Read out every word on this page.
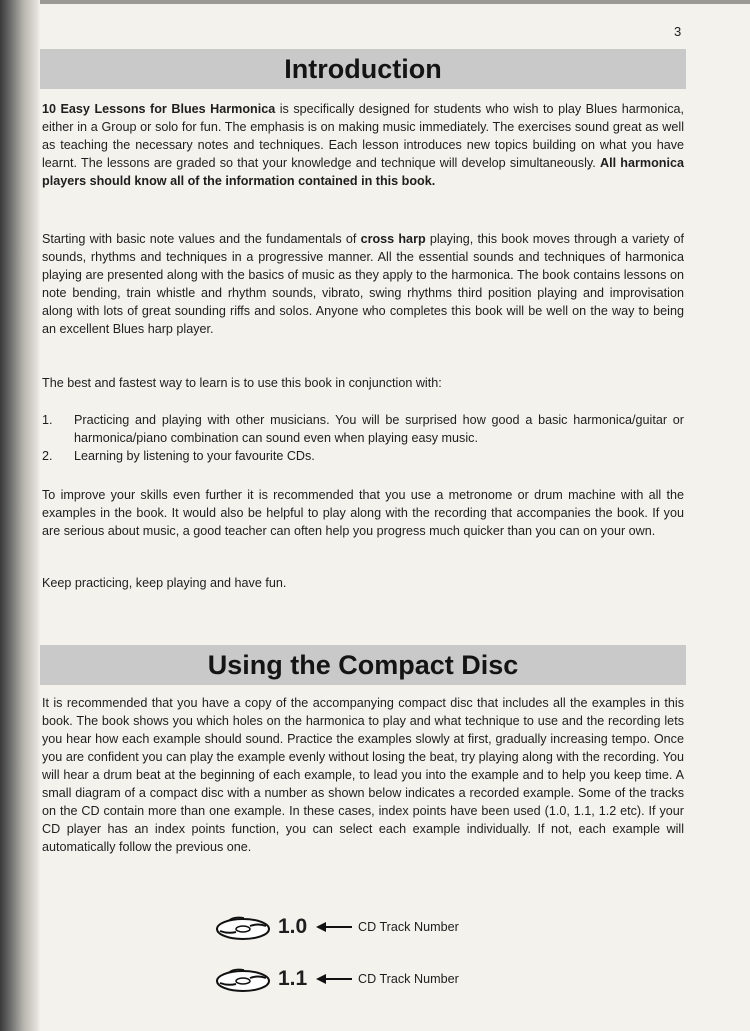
3
Introduction

10 Easy Lessons for Blues Harmonica is specifically designed for students who wish to play Blues harmonica, either in a Group or solo for fun. The emphasis is on making music immediately. The exercises sound great as well as teaching the necessary notes and techniques. Each lesson introduces new topics building on what you have learnt. The lessons are graded so that your knowledge and technique will develop simultaneously. All harmonica players should know all of the information contained in this book.

Starting with basic note values and the fundamentals of cross harp playing, this book moves through a variety of sounds, rhythms and techniques in a progressive manner. All the essential sounds and techniques of harmonica playing are presented along with the basics of music as they apply to the harmonica. The book contains lessons on note bending, train whistle and rhythm sounds, vibrato, swing rhythms third position playing and improvisation along with lots of great sounding riffs and solos. Anyone who completes this book will be well on the way to being an excellent Blues harp player.

The best and fastest way to learn is to use this book in conjunction with:

1. Practicing and playing with other musicians. You will be surprised how good a basic harmonica/guitar or harmonica/piano combination can sound even when playing easy music.
2. Learning by listening to your favourite CDs.

To improve your skills even further it is recommended that you use a metronome or drum machine with all the examples in the book. It would also be helpful to play along with the recording that accompanies the book. If you are serious about music, a good teacher can often help you progress much quicker than you can on your own.

Keep practicing, keep playing and have fun.

Using the Compact Disc

It is recommended that you have a copy of the accompanying compact disc that includes all the examples in this book. The book shows you which holes on the harmonica to play and what technique to use and the recording lets you hear how each example should sound. Practice the examples slowly at first, gradually increasing tempo. Once you are confident you can play the example evenly without losing the beat, try playing along with the recording. You will hear a drum beat at the beginning of each example, to lead you into the example and to help you keep time. A small diagram of a compact disc with a number as shown below indicates a recorded example. Some of the tracks on the CD contain more than one example. In these cases, index points have been used (1.0, 1.1, 1.2 etc). If your CD player has an index points function, you can select each example individually. If not, each example will automatically follow the previous one.

1.0	CD Track Number
1.1	CD Track Number
